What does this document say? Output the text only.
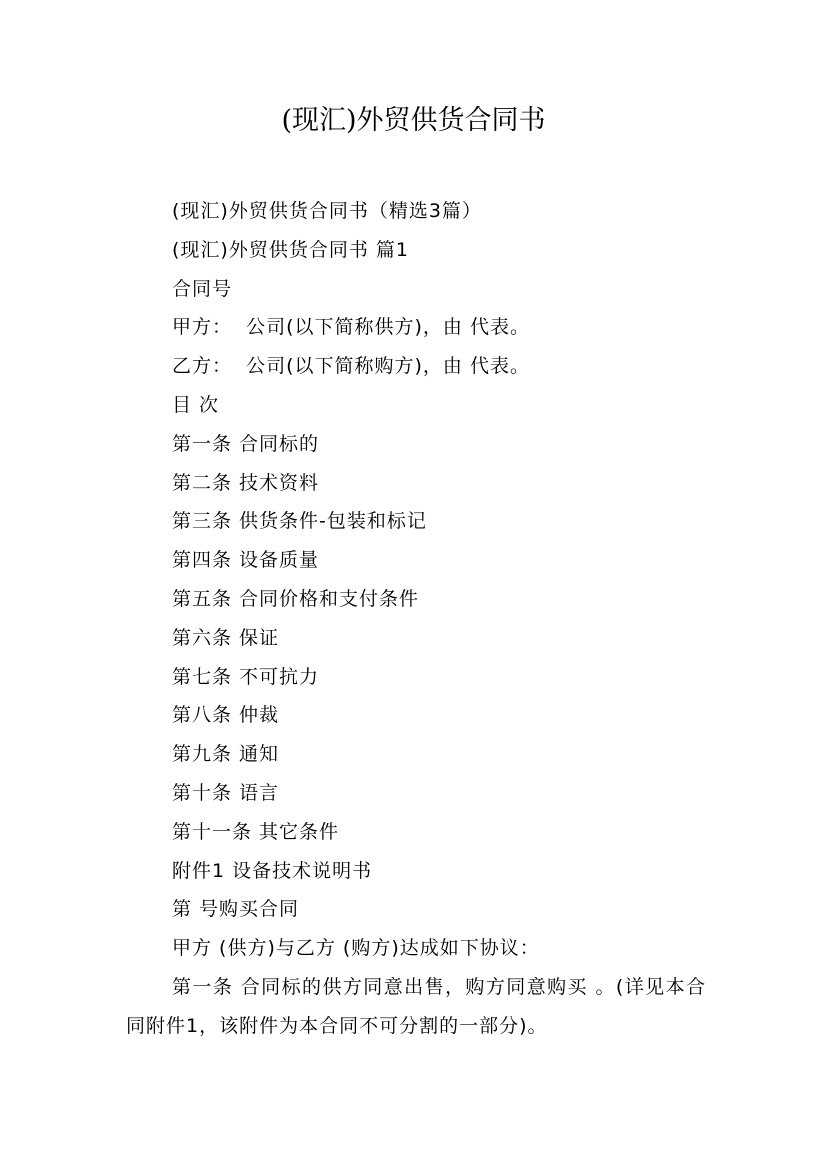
(现汇)外贸供货合同书
(现汇)外贸供货合同书（精选3篇）
(现汇)外贸供货合同书 篇1
合同号
甲方：  公司(以下简称供方)，由 代表。
乙方：  公司(以下简称购方)，由 代表。
目 次
第一条 合同标的
第二条 技术资料
第三条 供货条件-包装和标记
第四条 设备质量
第五条 合同价格和支付条件
第六条 保证
第七条 不可抗力
第八条 仲裁
第九条 通知
第十条 语言
第十一条 其它条件
附件1 设备技术说明书
第 号购买合同
甲方 (供方)与乙方 (购方)达成如下协议：
第一条 合同标的供方同意出售，购方同意购买 。(详见本合同附件1，该附件为本合同不可分割的一部分)。
